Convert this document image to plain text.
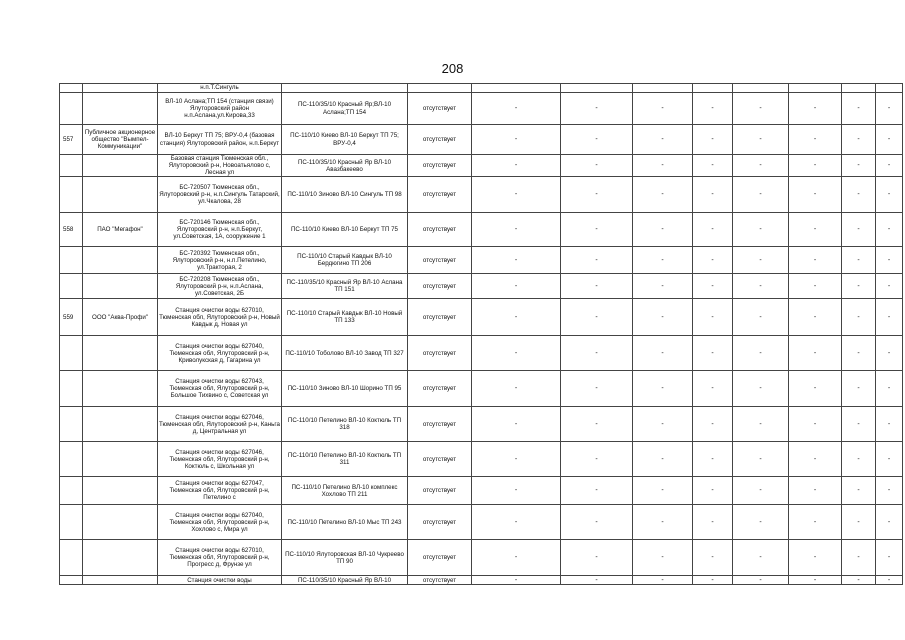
208
		н.п.Т.Сингуль										
		ВЛ-10 Аслана;ТП 154 (станция связи) Ялуторовский район н.п.Аслана,ул.Кирова,33	ПС-110/35/10 Красный Яр;ВЛ-10 Аслана;ТП 154	отсутствует	-	-	-	-	-	-	-	-
557	Публичное акционерное общество "Вымпел-Коммуникации"	ВЛ-10 Беркут ТП 75; ВРУ-0,4 (базовая станция) Ялуторовский район, н.п.Беркут	ПС-110/10 Киево ВЛ-10 Беркут ТП 75; ВРУ-0,4	отсутствует	-	-	-	-	-	-	-	-
		Базовая станция Тюменская обл., Ялуторовский р-н, Новоатьялово с, Лесная ул	ПС-110/35/10 Красный Яр ВЛ-10 Авазбакеево	отсутствует	-	-	-	-	-	-	-	-
		БС-720507 Тюменская обл., Ялуторовский р-н, н.п.Сингуль Татарский, ул.Чкалова, 28	ПС-110/10 Зиново ВЛ-10 Сингуль ТП 98	отсутствует	-	-	-	-	-	-	-	-
558	ПАО "Мегафон"	БС-720146 Тюменская обл., Ялуторовский р-н, н.п.Беркут, ул.Советская, 1А, сооружение 1	ПС-110/10 Киево ВЛ-10 Беркут ТП 75	отсутствует	-	-	-	-	-	-	-	-
		БС-720392 Тюменская обл., Ялуторовский р-н, н.п.Петелино, ул.Тракторая, 2	ПС-110/10 Старый Кавдык ВЛ-10 Бердюгино ТП 206	отсутствует	-	-	-	-	-	-	-	-
		БС-720208 Тюменская обл., Ялуторовский р-н, н.п.Аслана, ул.Советская, 2Б	ПС-110/35/10 Красный Яр ВЛ-10 Аслана ТП 151	отсутствует	-	-	-	-	-	-	-	-
559	ООО "Аква-Профи"	Станция очистки воды 627010, Тюменская обл, Ялуторовский р-н, Новый Кавдык д, Новая ул	ПС-110/10 Старый Кавдык ВЛ-10 Новый ТП 133	отсутствует	-	-	-	-	-	-	-	-
		Станция очистки воды 627040, Тюменская обл, Ялуторовский р-н, Криволукская д, Гагарина ул	ПС-110/10 Тоболово ВЛ-10 Завод ТП 327	отсутствует	-	-	-	-	-	-	-	-
		Станция очистки воды 627043, Тюменская обл, Ялуторовский р-н, Большое Тихвино с, Советская ул	ПС-110/10 Зиново ВЛ-10 Шорино ТП 95	отсутствует	-	-	-	-	-	-	-	-
		Станция очистки воды 627046, Тюменская обл, Ялуторовский р-н, Каньга д, Центральная ул	ПС-110/10 Петелино ВЛ-10 Коктюль ТП 318	отсутствует	-	-	-	-	-	-	-	-
		Станция очистки воды 627046, Тюменская обл, Ялуторовский р-н, Коктюль с, Школьная ул	ПС-110/10 Петелино ВЛ-10 Коктюль ТП 311	отсутствует	-	-	-	-	-	-	-	-
		Станция очистки воды 627047, Тюменская обл, Ялуторовский р-н, Петелино с	ПС-110/10 Петелино ВЛ-10 комплекс Хохлово ТП 211	отсутствует	-	-	-	-	-	-	-	-
		Станция очистки воды 627040, Тюменская обл, Ялуторовский р-н, Хохлово с, Мира ул	ПС-110/10 Петелино ВЛ-10 Мыс ТП 243	отсутствует	-	-	-	-	-	-	-	-
		Станция очистки воды 627010, Тюменская обл, Ялуторовский р-н, Прогресс д, Фрунзе ул	ПС-110/10 Ялуторовская ВЛ-10 Чукреево ТП 90	отсутствует	-	-	-	-	-	-	-	-
		Станция очистки воды	ПС-110/35/10 Красный Яр ВЛ-10	отсутствует	-	-	-	-	-	-	-	-
